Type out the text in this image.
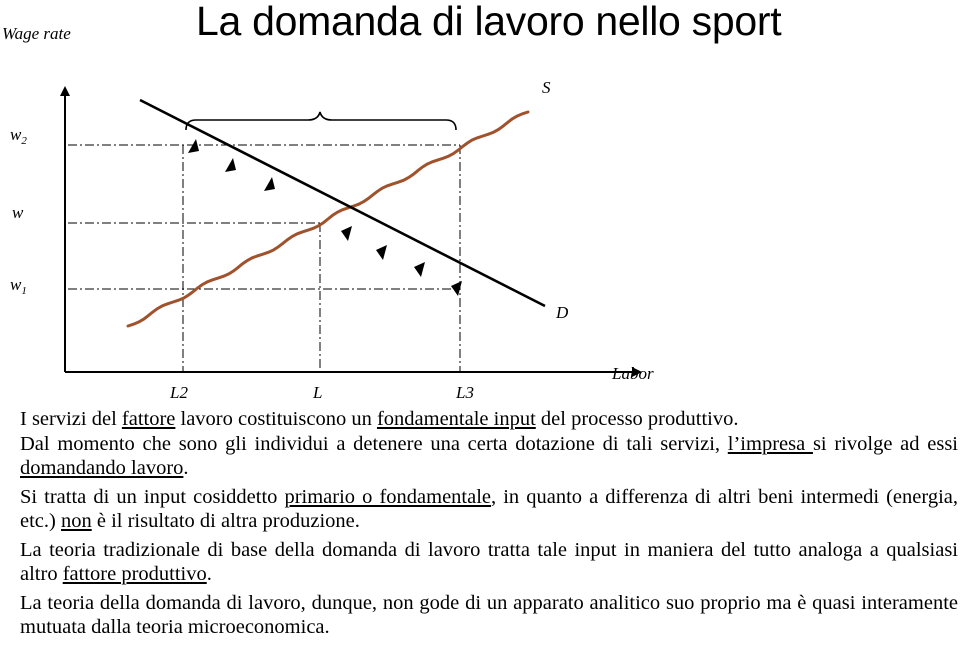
La domanda di lavoro nello sport
Wage rate
Labor
S
D
$w_2$
w
$w_1$
L2	L	L3

I servizi del fattore lavoro costituiscono un fondamentale input del processo produttivo.

Dal momento che sono gli individui a detenere una certa dotazione di tali servizi, l’impresa si rivolge ad essi domandando lavoro.

Si tratta di un input cosiddetto primario o fondamentale, in quanto a differenza di altri beni intermedi (energia, etc.) non è il risultato di altra produzione.

La teoria tradizionale di base della domanda di lavoro tratta tale input in maniera del tutto analoga a qualsiasi altro fattore produttivo.

La teoria della domanda di lavoro, dunque, non gode di un apparato analitico suo proprio ma è quasi interamente mutuata dalla teoria microeconomica.
